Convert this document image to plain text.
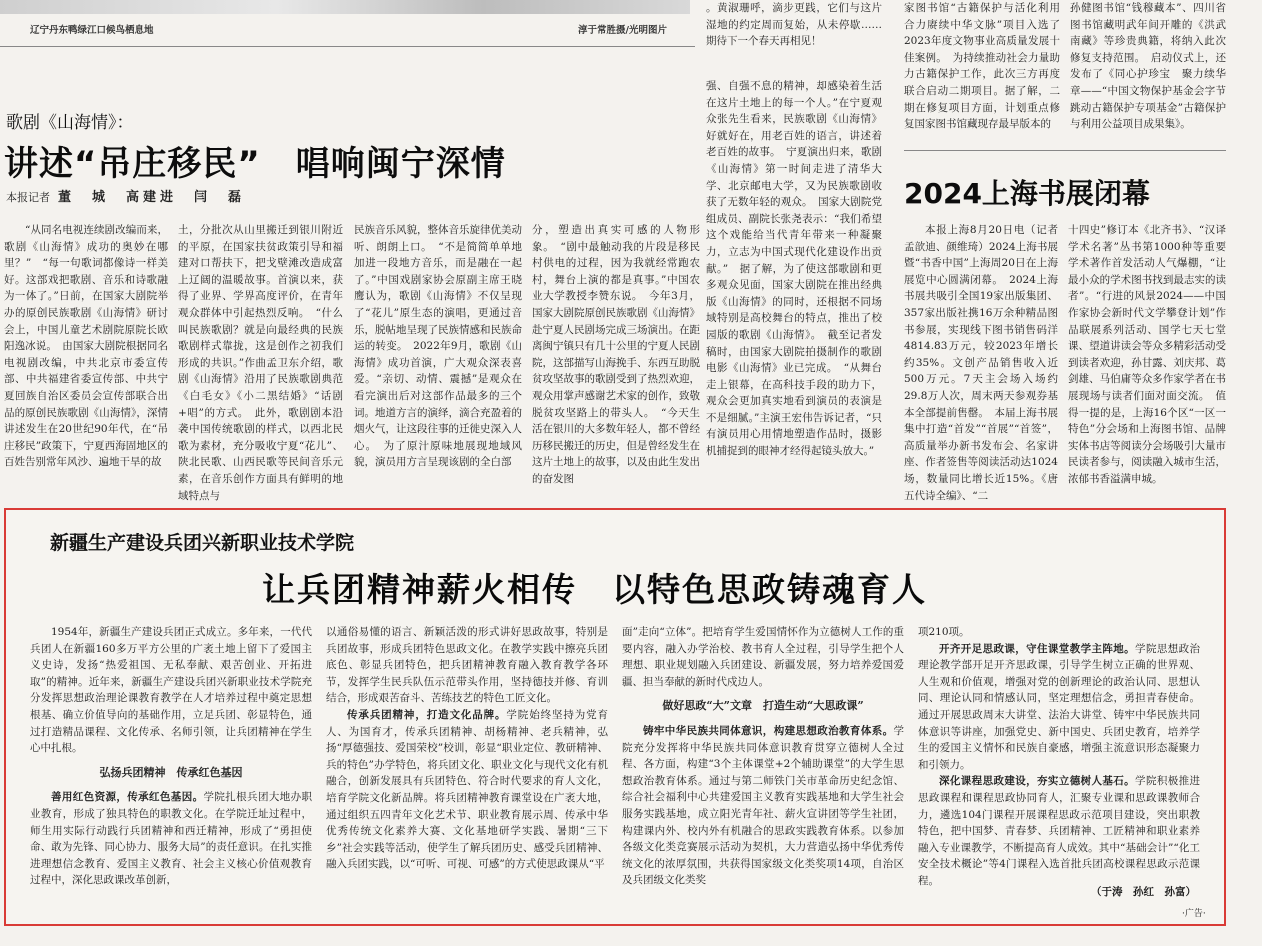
辽宁丹东鸭绿江口候鸟栖息地	淳于常胜摄/光明图片

。黄淑珊呼，滴步更践，它们与这片湿地的约定周而复始，从未停歇……期待下一个春天再相见！

歌剧《山海情》：
讲述“吊庄移民”　唱响闽宁深情
本报记者 董　城　高建进　闫　磊

“从同名电视连续剧改编而来，歌剧《山海情》成功的奥妙在哪里？”　“每一句歌词都像诗一样美好。这部戏把歌剧、音乐和诗歌融为一体了。”日前，在国家大剧院举办的原创民族歌剧《山海情》研讨会上，中国儿童艺术剧院原院长欧阳逸冰说。　由国家大剧院根据同名电视剧改编，中共北京市委宣传部、中共福建省委宣传部、中共宁夏回族自治区委员会宣传部联合出品的原创民族歌剧《山海情》，深情讲述发生在20世纪90年代，在“吊庄移民”政策下，宁夏西海固地区的百姓告别常年风沙、遍地干旱的故

土，分批次从山里搬迁到银川附近的平原，在国家扶贫政策引导和福建对口帮扶下，把戈壁滩改造成富上辽阔的温暖故事。首演以来，获得了业界、学界高度评价，在青年观众群体中引起热烈反响。　“什么叫民族歌剧？就是向最经典的民族歌剧样式靠拢，这是创作之初我们形成的共识。”作曲孟卫东介绍，歌剧《山海情》沿用了民族歌剧典范《白毛女》《小二黑结婚》“话剧+唱”的方式。　此外，歌剧剧本沿袭中国传统歌剧的样式，以西北民歌为素材，充分吸收宁夏“花儿”、陕北民歌、山西民歌等民间音乐元素，在音乐创作方面具有鲜明的地域特点与

民族音乐风貌，整体音乐旋律优美动听、朗朗上口。　“不是简简单单地加进一段地方音乐，而是融在一起了。”中国戏剧家协会原副主席王晓鹰认为，歌剧《山海情》不仅呈现了“花儿”原生态的演唱，更通过音乐，脱帖地呈现了民族情感和民族命运的转变。　2022年9月，歌剧《山海情》成功首演，广大观众深表喜爱。“亲切、动情、震撼”是观众在看完演出后对这部作品最多的三个词。地道方言的演绎，滴合充盈着的烟火气，让这段往事的迁徙史深入人心。　为了原汁原味地展现地域风貌，演员用方言呈现该剧的全白部

分，塑造出真实可感的人物形象。　“剧中最触动我的片段是移民村供电的过程，因为我就经常跑农村，舞台上演的都是真事。”中国农业大学教授李赞东说。　今年3月，国家大剧院原创民族歌剧《山海情》赴宁夏人民剧场完成三场演出。在距离闽宁镇只有几十公里的宁夏人民剧院，这部描写山海挽手、东西互助脱贫攻坚故事的歌剧受到了热烈欢迎，观众用掌声感谢艺术家的创作，致敬脱贫攻坚路上的带头人。　“今天生活在银川的大多数年轻人，都不曾经历移民搬迁的历史，但是曾经发生在这片土地上的故事，以及由此生发出的奋发图

强、自强不息的精神，却感染着生活在这片土地上的每一个人。”在宁夏观众张先生看来，民族歌剧《山海情》好就好在，用老百姓的语言，讲述着老百姓的故事。　宁夏演出归来，歌剧《山海情》第一时间走进了清华大学、北京邮电大学，又为民族歌剧收获了无数年轻的观众。　国家大剧院党组成员、副院长张尧表示：“我们希望这个戏能给当代青年带来一种凝聚力，立志为中国式现代化建设作出贡献。”　据了解，为了使这部歌剧和更多观众见面，国家大剧院在推出经典版《山海情》的同时，还根据不同场域特别是高校舞台的特点，推出了校园版的歌剧《山海情》。　截至记者发稿时，由国家大剧院拍摄制作的歌剧电影《山海情》业已完成。　“从舞台走上银幕，在高科技手段的助力下，观众会更加真实地看到演员的表演是不是细腻。”主演王宏伟告诉记者，“只有演员用心用情地塑造作品时，摄影机捕捉到的眼神才经得起镜头放大。”

家图书馆“古籍保护与活化利用　合力赓续中华文脉”项目入选了2023年度文物事业高质量发展十佳案例。　为持续推动社会力量助力古籍保护工作，此次三方再度联合启动二期项目。据了解，二期在修复项目方面，计划重点修复国家图书馆藏现存最早版本的

孙健图书馆“钱穆藏本”、四川省图书馆藏明武年间开雕的《洪武南藏》等珍贵典籍，将纳入此次修复支持范围。　启动仪式上，还发布了《同心护珍宝　聚力续华章——“中国文物保护基金会字节跳动古籍保护专项基金”古籍保护与利用公益项目成果集》。

2024上海书展闭幕

本报上海8月20日电（记者孟歆迪、颜维琦）2024上海书展暨“书香中国”上海周20日在上海展览中心圆满闭幕。　2024上海书展共吸引全国19家出版集团、357家出版社携16万余种精品图书参展，实现线下图书销售码洋4814.83万元，较2023年增长约35%。文创产品销售收入近500万元。7天主会场入场约29.8万人次，周末两天参观券基本全部提前售罄。　本届上海书展集中打造“首发”“首展”“首签”，高质量举办新书发布会、名家讲座、作者签售等阅读活动达1024场，数量同比增长近15%。《唐五代诗全编》、“二

十四史”修订本《北齐书》、“汉译学术名著”丛书第1000种等重要学术著作首发活动人气爆棚，“让最小众的学术图书找到最志实的读者”。“行进的风景2024——中国作家协会新时代文学攀登计划”作品联展系列活动、国学七天七堂课、望道讲读会等众多精彩活动受到读者欢迎，孙甘露、刘庆邦、葛剑雄、马伯庸等众多作家学者在书展现场与读者们面对面交流。　值得一提的是，上海16个区“一区一特色”分会场和上海图书馆、品牌实体书店等阅读分会场吸引大量市民读者参与，阅读融入城市生活，浓郁书香溢满申城。

新疆生产建设兵团兴新职业技术学院
让兵团精神薪火相传　以特色思政铸魂育人

1954年，新疆生产建设兵团正式成立。多年来，一代代兵团人在新疆160多万平方公里的广袤土地上留下了爱国主义史诗，发扬“热爱祖国、无私奉献、艰苦创业、开拓进取”的精神。近年来，新疆生产建设兵团兴新职业技术学院充分发挥思想政治理论课教育教学在人才培养过程中奠定思想根基、确立价值导向的基础作用，立足兵团、彰显特色，通过打造精品课程、文化传承、名师引领，让兵团精神在学生心中扎根。

弘扬兵团精神　传承红色基因

善用红色资源，传承红色基因。学院扎根兵团大地办职业教育，形成了独具特色的职教文化。在学院迁址过程中，师生用实际行动践行兵团精神和西迁精神，形成了“勇担使命、敢为先锋、同心协力、服务大局”的责任意识。在扎实推进理想信念教育、爱国主义教育、社会主义核心价值观教育过程中，深化思政课改革创新，

以通俗易懂的语言、新颖活泼的形式讲好思政故事，特别是兵团故事，形成兵团特色思政文化。在教学实践中擦亮兵团底色、彰显兵团特色，把兵团精神教育融入教育教学各环节，发挥学生民兵队伍示范带头作用，坚持德技并修、育训结合，形成艰苦奋斗、苦练技艺的特色工匠文化。

传承兵团精神，打造文化品牌。学院始终坚持为党育人、为国育才，传承兵团精神、胡杨精神、老兵精神，弘扬“厚德强技、爱国荣校”校训，彰显“职业定位、教研精神、兵的特色”办学特色，将兵团文化、职业文化与现代文化有机融合，创新发展具有兵团特色、符合时代要求的育人文化，培育学院文化新品牌。将兵团精神教育课堂设在广袤大地，通过组织五四青年文化艺术节、职业教育展示周、传承中华优秀传统文化素养大赛、文化基地研学实践、暑期“三下乡”社会实践等活动，使学生了解兵团历史、感受兵团精神、融入兵团实践，以“可听、可视、可感”的方式使思政课从“平

面”走向“立体”。把培育学生爱国情怀作为立德树人工作的重要内容，融入办学治校、教书育人全过程，引导学生把个人理想、职业规划融入兵团建设、新疆发展，努力培养爱国爱疆、担当奉献的新时代戍边人。

做好思政“大”文章　打造生动“大思政课”

铸牢中华民族共同体意识，构建思想政治教育体系。学院充分发挥将中华民族共同体意识教育贯穿立德树人全过程、各方面，构建“3个主体课堂+2个辅助课堂”的大学生思想政治教育体系。通过与第二师铁门关市革命历史纪念馆、综合社会福利中心共建爱国主义教育实践基地和大学生社会服务实践基地，成立阳光青年社、薪火宣讲团等学生社团，构建课内外、校内外有机融合的思政实践教育体系。以参加各级文化类竞赛展示活动为契机，大力营造弘扬中华优秀传统文化的浓厚氛围，共获得国家级文化类奖项14项，自治区及兵团级文化类奖

项210项。

开齐开足思政课，守住课堂教学主阵地。学院思想政治理论教学部开足开齐思政课，引导学生树立正确的世界观、人生观和价值观，增强对党的创新理论的政治认同、思想认同、理论认同和情感认同，坚定理想信念，勇担青春使命。通过开展思政周末大讲堂、法治大讲堂、铸牢中华民族共同体意识等讲座，加强党史、新中国史、兵团史教育，培养学生的爱国主义情怀和民族自豪感，增强主流意识形态凝聚力和引领力。

深化课程思政建设，夯实立德树人基石。学院积极推进思政课程和课程思政协同育人，汇聚专业课和思政课教师合力，遴选104门课程开展课程思政示范项目建设，突出职教特色，把中国梦、青春梦、兵团精神、工匠精神和职业素养融入专业课教学，不断提高育人成效。其中“基础会计”“化工安全技术概论”等4门课程入选首批兵团高校课程思政示范课程。

（于涛　孙红　孙富）
·广告·
